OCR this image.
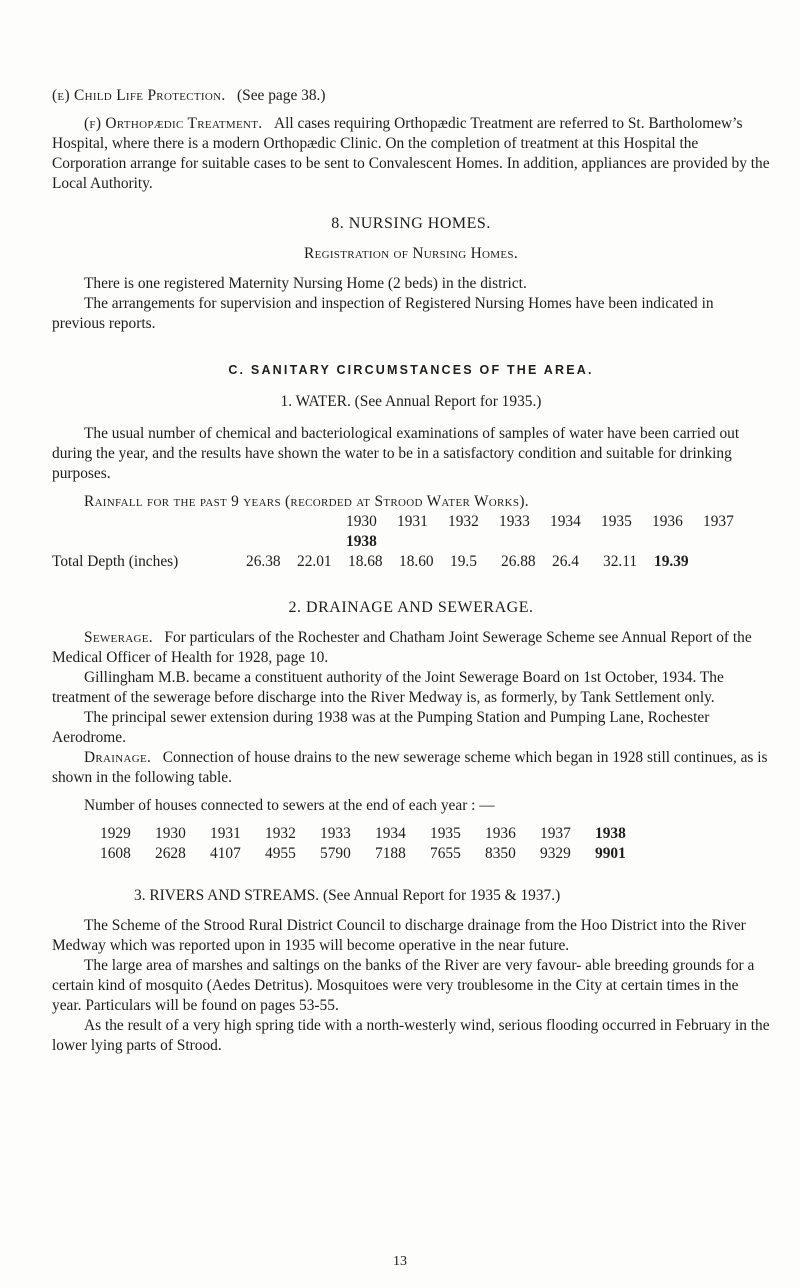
(e) Child Life Protection. (See page 38.)

(f) Orthopædic Treatment. All cases requiring Orthopædic Treatment are referred to St. Bartholomew’s Hospital, where there is a modern Orthopædic Clinic. On the completion of treatment at this Hospital the Corporation arrange for suitable cases to be sent to Convalescent Homes. In addition, appliances are provided by the Local Authority.

8. NURSING HOMES.

Registration of Nursing Homes.

There is one registered Maternity Nursing Home (2 beds) in the district.

The arrangements for supervision and inspection of Registered Nursing Homes have been indicated in previous reports.

C. SANITARY CIRCUMSTANCES OF THE AREA.

1. WATER. (See Annual Report for 1935.)

The usual number of chemical and bacteriological examinations of samples of water have been carried out during the year, and the results have shown the water to be in a satisfactory condition and suitable for drinking purposes.

Rainfall for the past 9 years (recorded at Strood Water Works).

1930 1931 1932 1933 1934 1935 1936 19371938
Total Depth (inches)	26.38 22.01 18.68 18.60 19.5 26.88 26.4 32.11 19.39

2. DRAINAGE AND SEWERAGE.

Sewerage. For particulars of the Rochester and Chatham Joint Sewerage Scheme see Annual Report of the Medical Officer of Health for 1928, page 10.

Gillingham M.B. became a constituent authority of the Joint Sewerage Board on 1st October, 1934. The treatment of the sewerage before discharge into the River Medway is, as formerly, by Tank Settlement only.

The principal sewer extension during 1938 was at the Pumping Station and Pumping Lane, Rochester Aerodrome.

Drainage. Connection of house drains to the new sewerage scheme which began in 1928 still continues, as is shown in the following table.

Number of houses connected to sewers at the end of each year : —

1929 1930 1931 1932 1933 1934 1935 1936 1937 1938
1608 2628 4107 4955 5790 7188 7655 8350 9329 9901

3. RIVERS AND STREAMS. (See Annual Report for 1935 & 1937.)

The Scheme of the Strood Rural District Council to discharge drainage from the Hoo District into the River Medway which was reported upon in 1935 will become operative in the near future.

The large area of marshes and saltings on the banks of the River are very favour- able breeding grounds for a certain kind of mosquito (Aedes Detritus). Mosquitoes were very troublesome in the City at certain times in the year. Particulars will be found on pages 53-55.

As the result of a very high spring tide with a north-westerly wind, serious flooding occurred in February in the lower lying parts of Strood.

13
